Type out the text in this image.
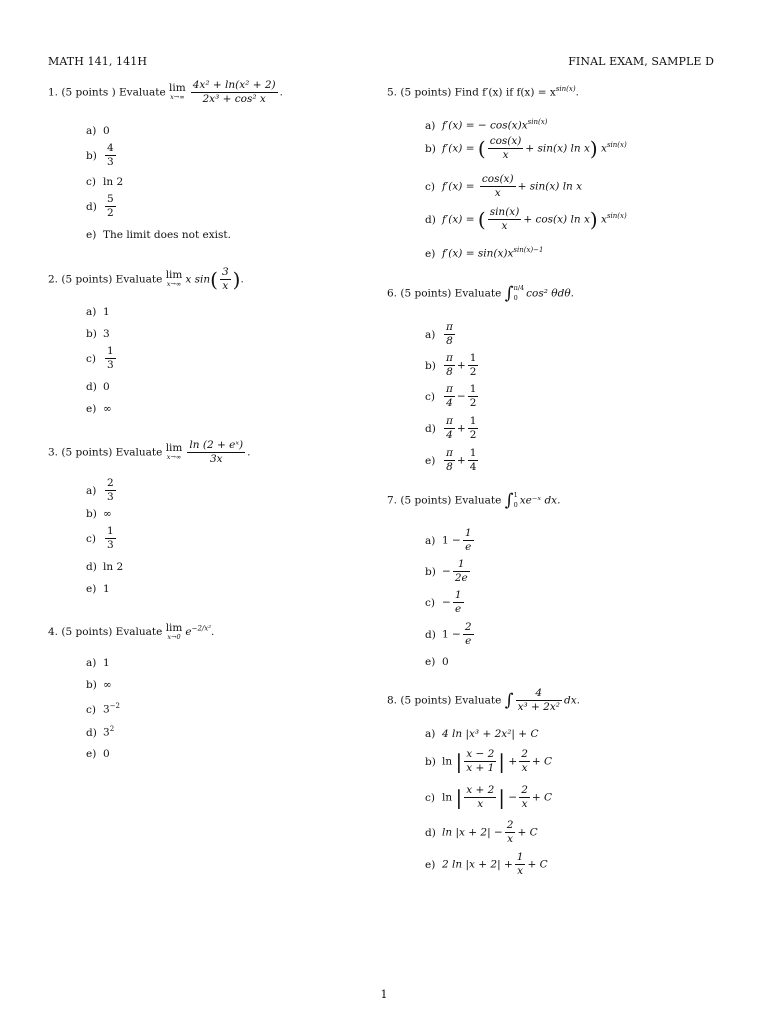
MATH 141, 141H	FINAL EXAM, SAMPLE D
1. (5 points ) Evaluate lim
$x\to\infty \frac{\text{4x² + ln(x² + 2)}}{\text{2x³ + cos² x}}$ .
a) 0
$b) \frac{4}{3}$
c) ln 2
$d) \frac{5}{2}$
e) The limit does not exist.
2. (5 points) Evaluate lim
x→∞ x $\sin( \frac{3}{x}$ ).
a) 1
b) 3
$c) \frac{1}{3}$
d) 0
e) ∞
3. (5 points) Evaluate lim
$x\to\infty \frac{\text{ln (2 + eˣ)}}{3x}$ .
$a) \frac{2}{3}$
b) ∞
$c) \frac{1}{3}$
d) ln 2
e) 1
4. (5 points) Evaluate lim
x→0 $e^{-2/x^2}$.
a) 1
b) ∞
c) $3^{-2}$
d) $3^2$
e) 0
5. (5 points) Find f′(x) if $f(x) = x^{sin(x)}$.
a) f′(x) = − $\cos(x)x^{sin(x)}$
b) f′(x) = ( $\frac{\cos(x)}{x} + \sin(x)$ ln x) $x^{sin(x)}$
c) $f'(x) = \frac{\cos(x)}{x} + \sin(x)$ ln x
d) f′(x) = ( $\frac{\sin(x)}{x} + \cos(x)$ ln x) $x^{sin(x)}$
e) $f'(x) = \sin(x)x^{sin(x)-1}$
6. (5 points) Evaluate ∫ π/4
0 cos² θdθ.
$a) \frac{\pi}{8}$
$b) \frac{\pi}{8} + \frac{1}{2}$
$c) \frac{\pi}{4} - \frac{1}{2}$
$d) \frac{\pi}{4} + \frac{1}{2}$
$e) \frac{\pi}{8} + \frac{1}{4}$
7. (5 points) Evaluate ∫ 1
0 xe⁻ˣ dx.
a) $1 - \frac{1}{e}$
$b) - \frac{1}{2e}$
$c) - \frac{1}{e}$
d) $1 - \frac{2}{e}$
e) 0
8. (5 points) Evaluate ∫ $\frac{4}{\text{x³ + 2x²}}$ dx.
a) 4 ln |x³ + 2x²| + C
b) ln | $\frac{x - 2}{x + 1}$ | + $\frac{2}{x} + C$
c) ln | $\frac{x + 2}{x}$ | − $\frac{2}{x} + C$
d) $\ln |x + 2| - \frac{2}{x} + C$
e) 2 $\ln |x + 2| + \frac{1}{x} + C$
1
